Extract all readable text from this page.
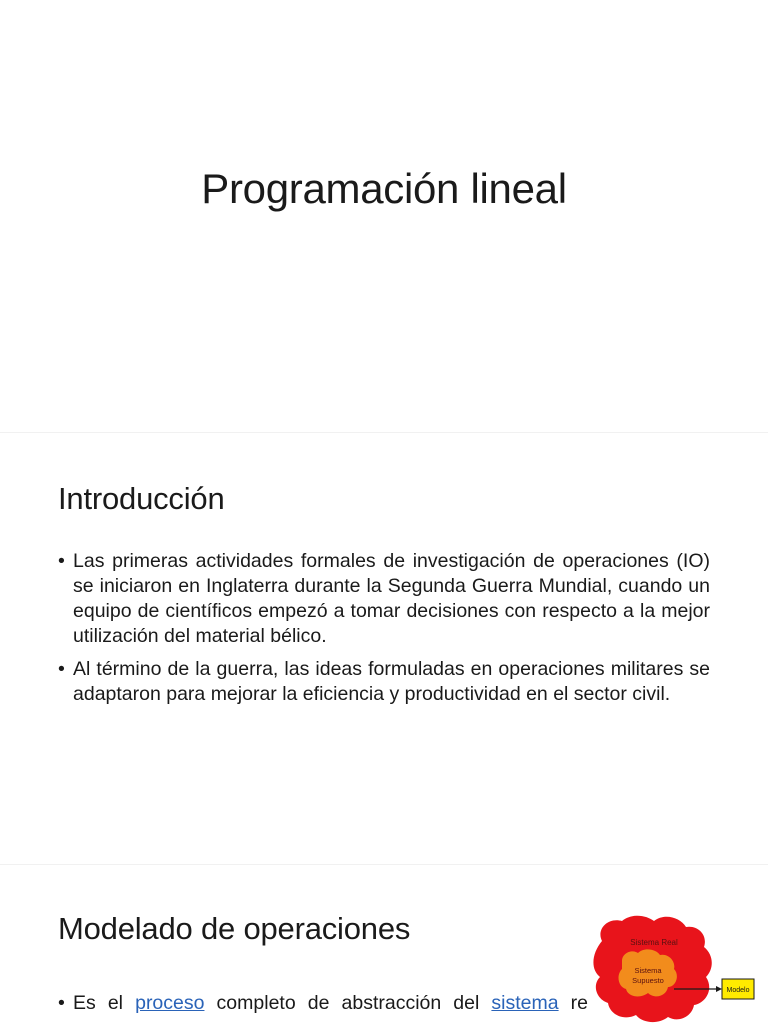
Programación lineal
Introducción
• Las primeras actividades formales de investigación de operaciones (IO) se iniciaron en Inglaterra durante la Segunda Guerra Mundial, cuando un equipo de científicos empezó a tomar decisiones con respecto a la mejor utilización del material bélico.
• Al término de la guerra, las ideas formuladas en operaciones militares se adaptaron para mejorar la eficiencia y productividad en el sector civil.
Modelado de operaciones
• Es el proceso completo de abstracción del sistema re
Sistema Real
Sistema
Supuesto
Modelo
